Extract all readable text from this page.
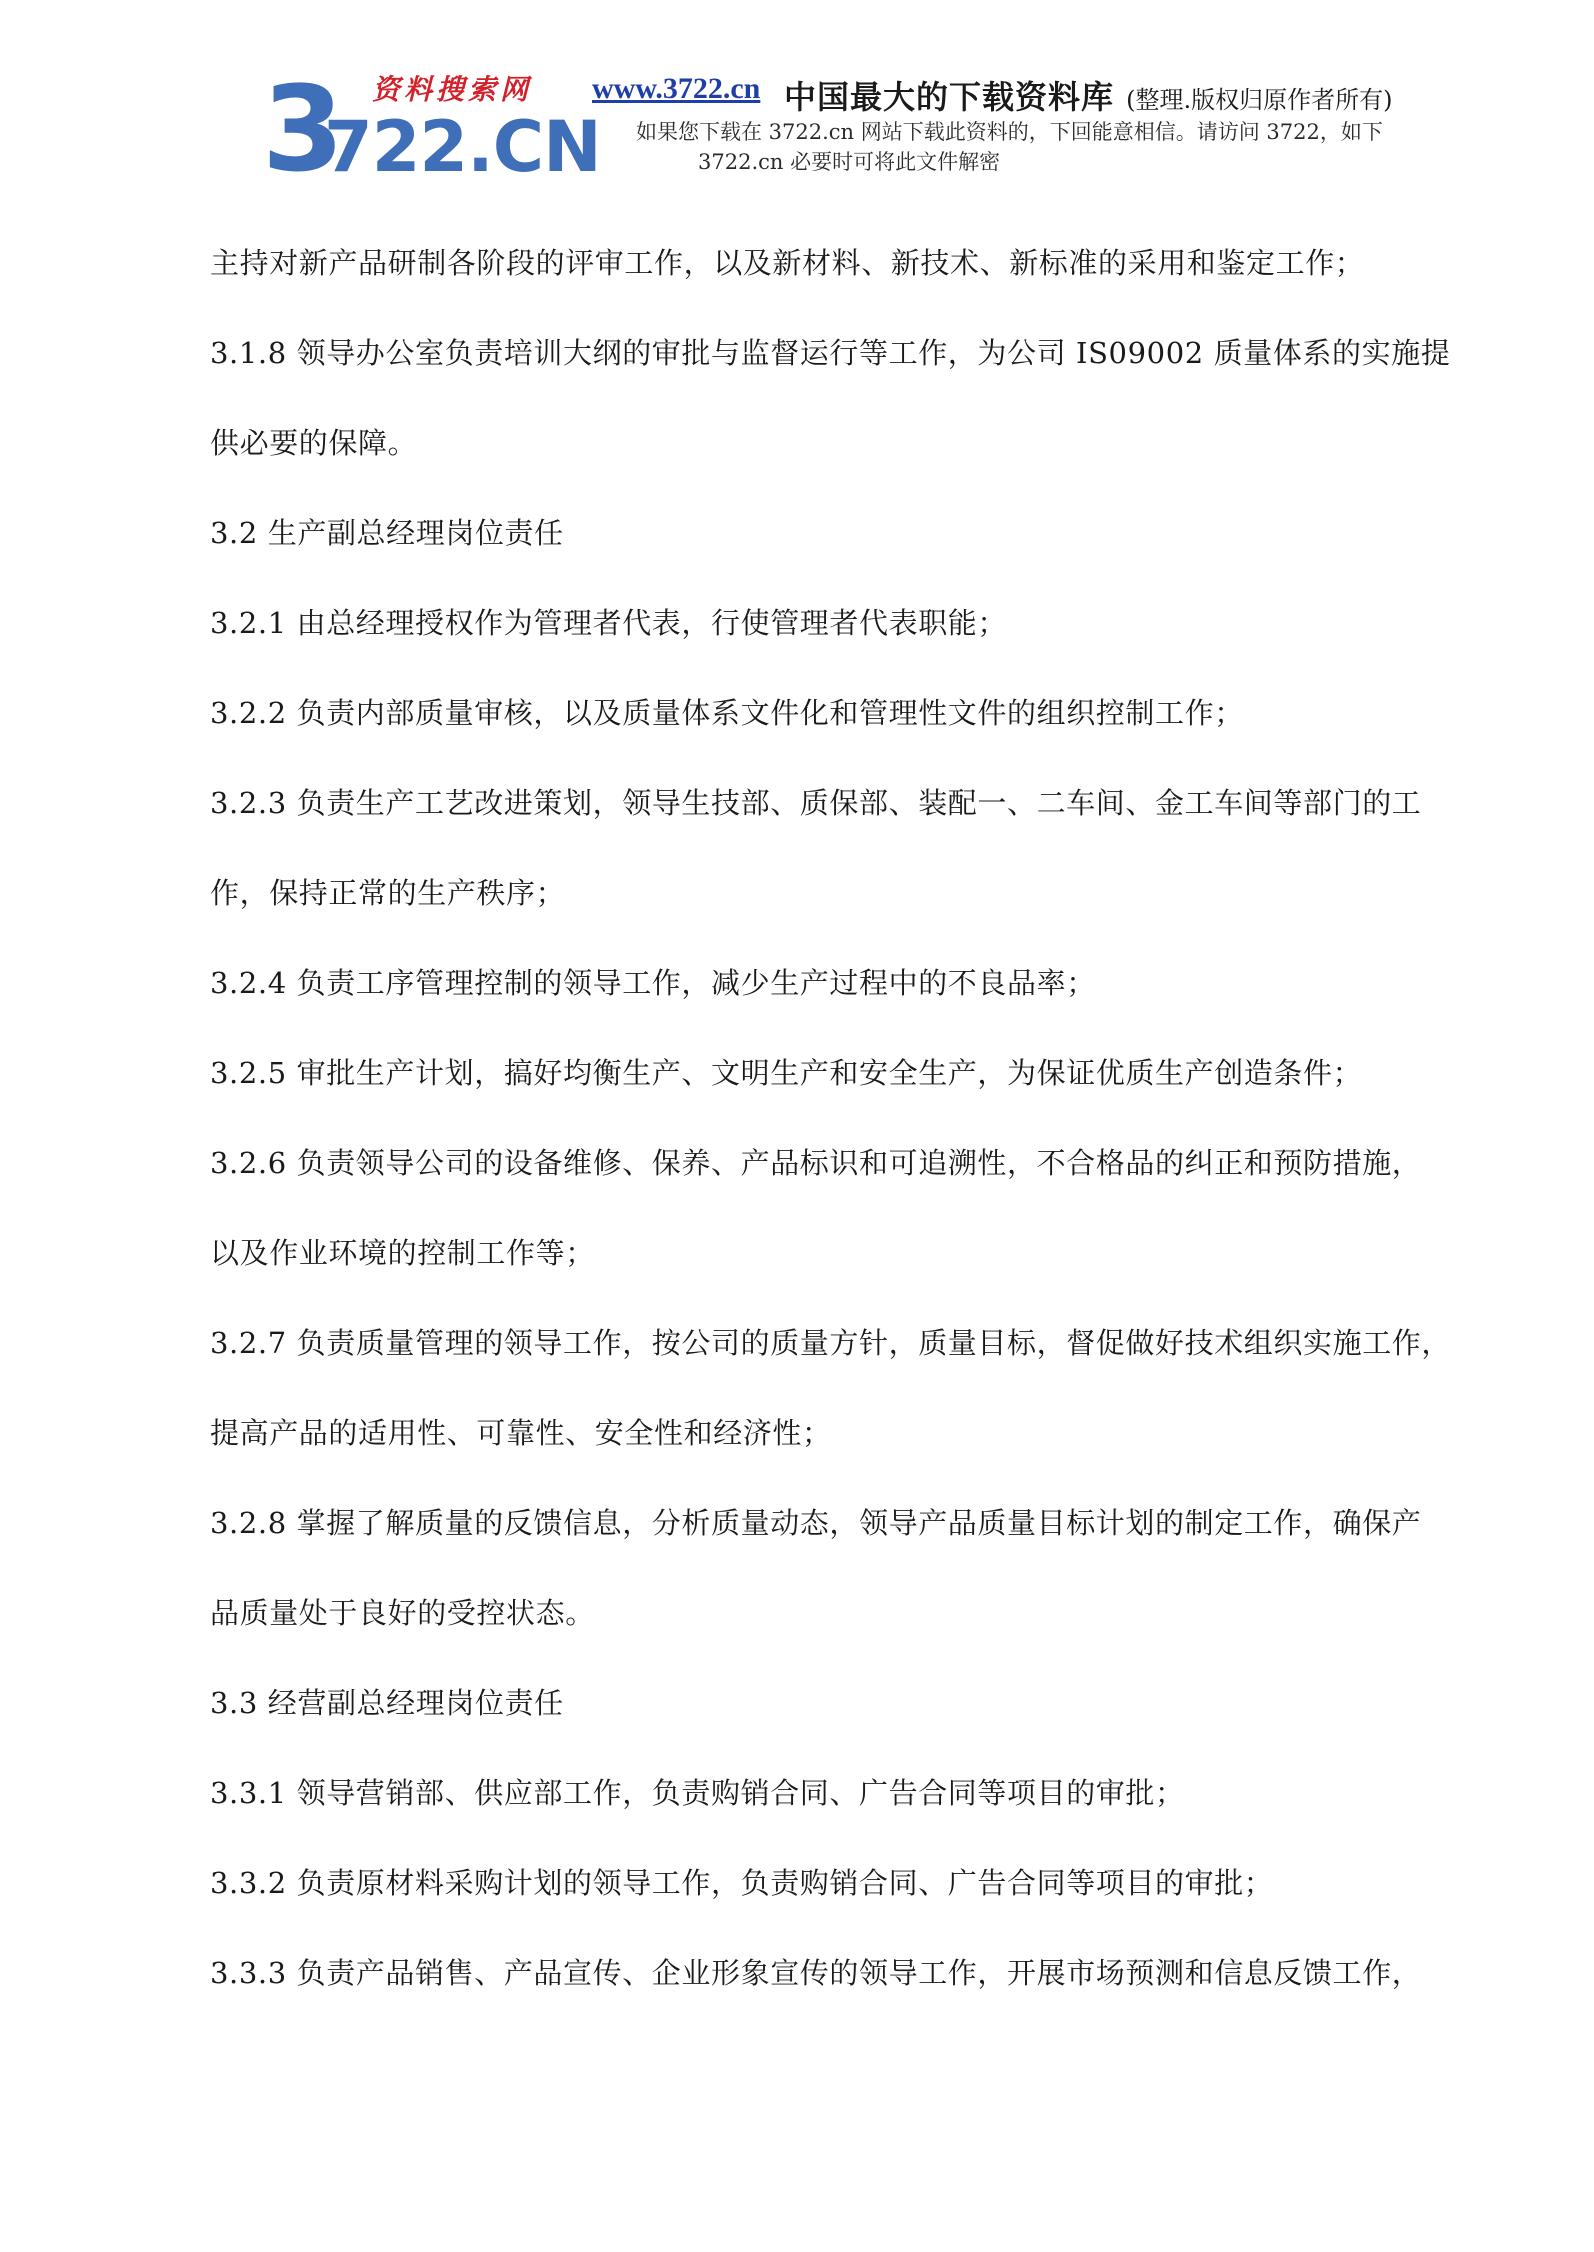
3
722.CN
资料搜索网 www.3722.cn 中国最大的下载资料库 (整理.版权归原作者所有)
如果您下载在 3722.cn 网站下载此资料的，下回能意相信。请访问 3722，如下
3722.cn 必要时可将此文件解密
主持对新产品研制各阶段的评审工作，以及新材料、新技术、新标准的采用和鉴定工作；
3.1.8 领导办公室负责培训大纲的审批与监督运行等工作，为公司 IS09002 质量体系的实施提
供必要的保障。
3.2 生产副总经理岗位责任
3.2.1 由总经理授权作为管理者代表，行使管理者代表职能；
3.2.2 负责内部质量审核，以及质量体系文件化和管理性文件的组织控制工作；
3.2.3 负责生产工艺改进策划，领导生技部、质保部、装配一、二车间、金工车间等部门的工
作，保持正常的生产秩序；
3.2.4 负责工序管理控制的领导工作，减少生产过程中的不良品率；
3.2.5 审批生产计划，搞好均衡生产、文明生产和安全生产，为保证优质生产创造条件；
3.2.6 负责领导公司的设备维修、保养、产品标识和可追溯性，不合格品的纠正和预防措施，
以及作业环境的控制工作等；
3.2.7 负责质量管理的领导工作，按公司的质量方针，质量目标，督促做好技术组织实施工作，
提高产品的适用性、可靠性、安全性和经济性；
3.2.8 掌握了解质量的反馈信息，分析质量动态，领导产品质量目标计划的制定工作，确保产
品质量处于良好的受控状态。
3.3 经营副总经理岗位责任
3.3.1 领导营销部、供应部工作，负责购销合同、广告合同等项目的审批；
3.3.2 负责原材料采购计划的领导工作，负责购销合同、广告合同等项目的审批；
3.3.3 负责产品销售、产品宣传、企业形象宣传的领导工作，开展市场预测和信息反馈工作，
